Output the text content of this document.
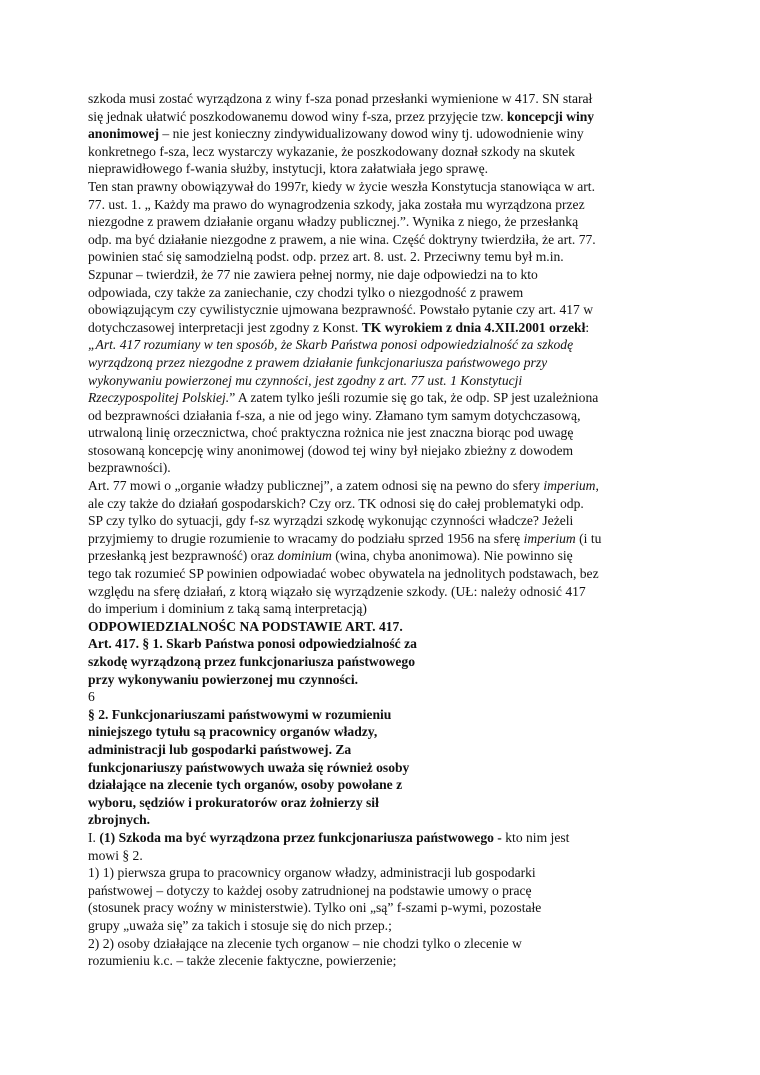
szkoda musi zostać wyrządzona z winy f-sza ponad przesłanki wymienione w 417. SN starał
się jednak ułatwić poszkodowanemu dowod winy f-sza, przez przyjęcie tzw. koncepcji winy
anonimowej – nie jest konieczny zindywidualizowany dowod winy tj. udowodnienie winy
konkretnego f-sza, lecz wystarczy wykazanie, że poszkodowany doznał szkody na skutek
nieprawidłowego f-wania służby, instytucji, ktora załatwiała jego sprawę.
Ten stan prawny obowiązywał do 1997r, kiedy w życie weszła Konstytucja stanowiąca w art.
77. ust. 1. „ Każdy ma prawo do wynagrodzenia szkody, jaka została mu wyrządzona przez
niezgodne z prawem działanie organu władzy publicznej.”. Wynika z niego, że przesłanką
odp. ma być działanie niezgodne z prawem, a nie wina. Część doktryny twierdziła, że art. 77.
powinien stać się samodzielną podst. odp. przez art. 8. ust. 2. Przeciwny temu był m.in.
Szpunar – twierdził, że 77 nie zawiera pełnej normy, nie daje odpowiedzi na to kto
odpowiada, czy także za zaniechanie, czy chodzi tylko o niezgodność z prawem
obowiązującym czy cywilistycznie ujmowana bezprawność. Powstało pytanie czy art. 417 w
dotychczasowej interpretacji jest zgodny z Konst. TK wyrokiem z dnia 4.XII.2001 orzekł:
„Art. 417 rozumiany w ten sposób, że Skarb Państwa ponosi odpowiedzialność za szkodę
wyrządzoną przez niezgodne z prawem działanie funkcjonariusza państwowego przy
wykonywaniu powierzonej mu czynności, jest zgodny z art. 77 ust. 1 Konstytucji
Rzeczypospolitej Polskiej.” A zatem tylko jeśli rozumie się go tak, że odp. SP jest uzależniona
od bezprawności działania f-sza, a nie od jego winy. Złamano tym samym dotychczasową,
utrwaloną linię orzecznictwa, choć praktyczna rożnica nie jest znaczna biorąc pod uwagę
stosowaną koncepcję winy anonimowej (dowod tej winy był niejako zbieżny z dowodem
bezprawności).
Art. 77 mowi o „organie władzy publicznej”, a zatem odnosi się na pewno do sfery imperium,
ale czy także do działań gospodarskich? Czy orz. TK odnosi się do całej problematyki odp.
SP czy tylko do sytuacji, gdy f-sz wyrządzi szkodę wykonując czynności władcze? Jeżeli
przyjmiemy to drugie rozumienie to wracamy do podziału sprzed 1956 na sferę imperium (i tu
przesłanką jest bezprawność) oraz dominium (wina, chyba anonimowa). Nie powinno się
tego tak rozumieć SP powinien odpowiadać wobec obywatela na jednolitych podstawach, bez
względu na sferę działań, z ktorą wiązało się wyrządzenie szkody. (UŁ: należy odnosić 417
do imperium i dominium z taką samą interpretacją)
ODPOWIEDZIALNOŚC NA PODSTAWIE ART. 417.
Art. 417. § 1. Skarb Państwa ponosi odpowiedzialność za
szkodę wyrządzoną przez funkcjonariusza państwowego
przy wykonywaniu powierzonej mu czynności.
6
§ 2. Funkcjonariuszami państwowymi w rozumieniu
niniejszego tytułu są pracownicy organów władzy,
administracji lub gospodarki państwowej. Za
funkcjonariuszy państwowych uważa się również osoby
działające na zlecenie tych organów, osoby powołane z
wyboru, sędziów i prokuratorów oraz żołnierzy sił
zbrojnych.
I. (1) Szkoda ma być wyrządzona przez funkcjonariusza państwowego - kto nim jest
mowi § 2.
1) 1) pierwsza grupa to pracownicy organow władzy, administracji lub gospodarki
państwowej – dotyczy to każdej osoby zatrudnionej na podstawie umowy o pracę
(stosunek pracy woźny w ministerstwie). Tylko oni „są” f-szami p-wymi, pozostałe
grupy „uważa się” za takich i stosuje się do nich przep.;
2) 2) osoby działające na zlecenie tych organow – nie chodzi tylko o zlecenie w
rozumieniu k.c. – także zlecenie faktyczne, powierzenie;
